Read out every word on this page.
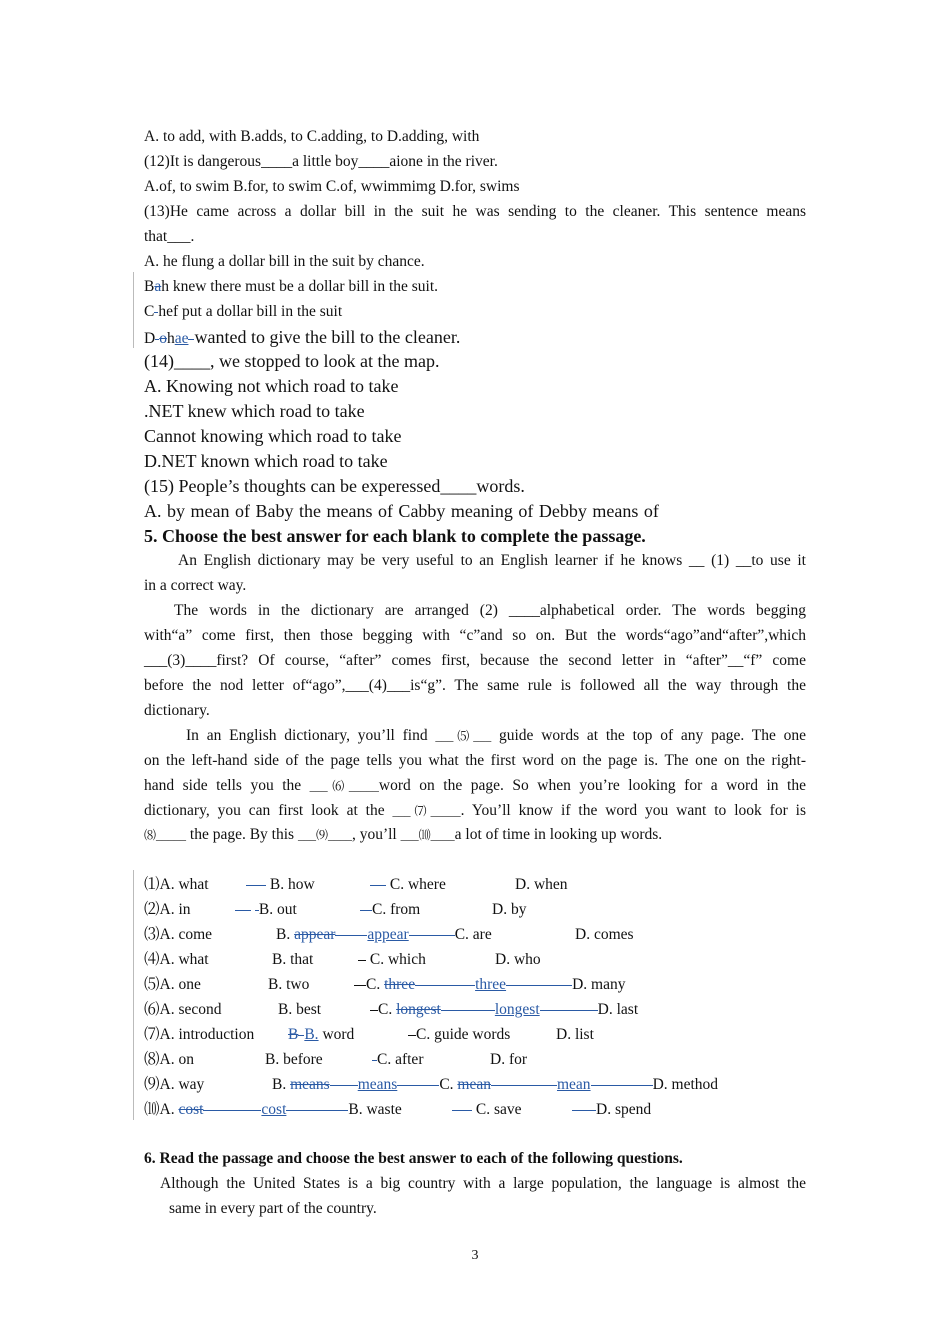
A. to add, with B.adds, to C.adding, to D.adding, with
(12)It is dangerous____a little boy____aione in the river.
A.of, to swim B.for, to swim C.of, wwimmimg D.for, swims
(13)He came across a dollar bill in the suit he was sending to the cleaner. This sentence means
that___.
A. he flung a dollar bill in the suit by chance.
Bah knew there must be a dollar bill in the suit.
C hef put a dollar bill in the suit
D ohae wanted to give the bill to the cleaner.
(14)____, we stopped to look at the map.
A. Knowing not which road to take
.NET knew which road to take
Cannot knowing which road to take
D.NET known which road to take
(15) People’s thoughts can be experessed____words.
A. by mean of Baby the means of Cabby meaning of Debby means of
5. Choose the best answer for each blank to complete the passage.
An English dictionary may be very useful to an English learner if he knows __ (1) __to use it
in a correct way.
The words in the dictionary are arranged (2) ____alphabetical order. The words begging
with“a” come first, then those begging with “c”and so on. But the words“ago”and“after”,which
___(3)____first? Of course, “after” comes first, because the second letter in “after”__“f” come
before the nod letter of“ago”,___(4)___is“g”. The same rule is followed all the way through the
dictionary.
In an English dictionary, you’ll find ___⑸___ guide words at the top of any page. The one
on the left-hand side of the page tells you what the first word on the page is. The one on the right-
hand side tells you the ___⑹_____word on the page. So when you’re looking for a word in the
dictionary, you can first look at the ___⑺_____. You’ll know if the word you want to look for is
⑻_____ the page. By this ___⑼____, you’ll ___⑽____a lot of time in looking up words.
⑴A. what	B. how	C. where	D. when
⑵A. in	B. out	C. from	D. by
⑶A. come	B. appear appear	C. are	D. comes
⑷A. what	B. that	C. which	D. who
⑸A. one	B. two	C. three	three	D. many
⑹A. second	B. best	C. longest	longest	D. last
⑺A. introduction B B. word	C. guide words	D. list
⑻A. on	B. before	C. after	D. for
⑼A. way	B. means means	C. mean	mean	D. method
⑽A. cost	cost	B. waste	C. save	D. spend
6. Read the passage and choose the best answer to each of the following questions.
Although the United States is a big country with a large population, the language is almost the
same in every part of the country.
3
